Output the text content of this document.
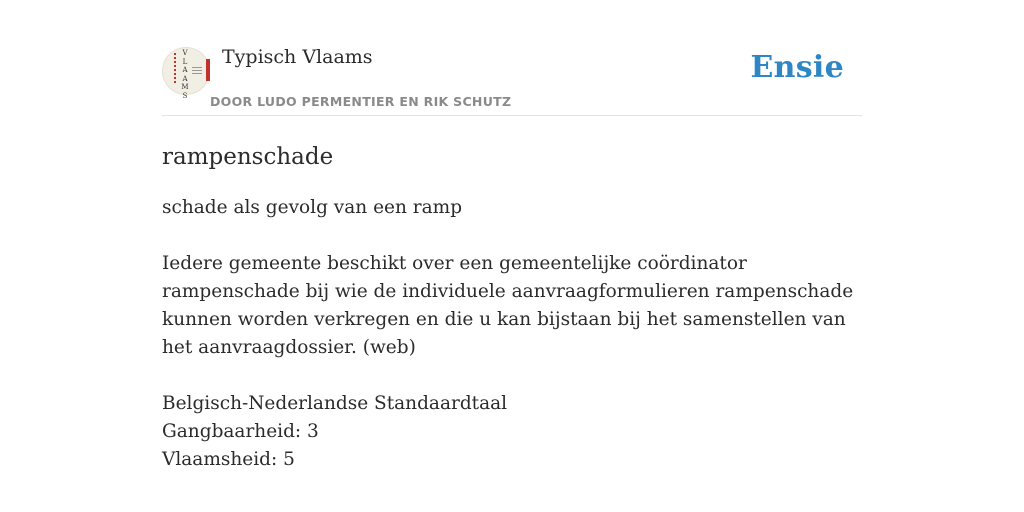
V
L
A
A
M
S
Typisch Vlaams
DOOR LUDO PERMENTIER EN RIK SCHUTZ
Ensie
rampenschade

schade als gevolg van een ramp

Iedere gemeente beschikt over een gemeentelijke coördinator rampenschade bij wie de individuele aanvraagformulieren rampenschade kunnen worden verkregen en die u kan bijstaan bij het samenstellen van het aanvraagdossier. (web)

Belgisch-Nederlandse Standaardtaal

Gangbaarheid: 3

Vlaamsheid: 5
